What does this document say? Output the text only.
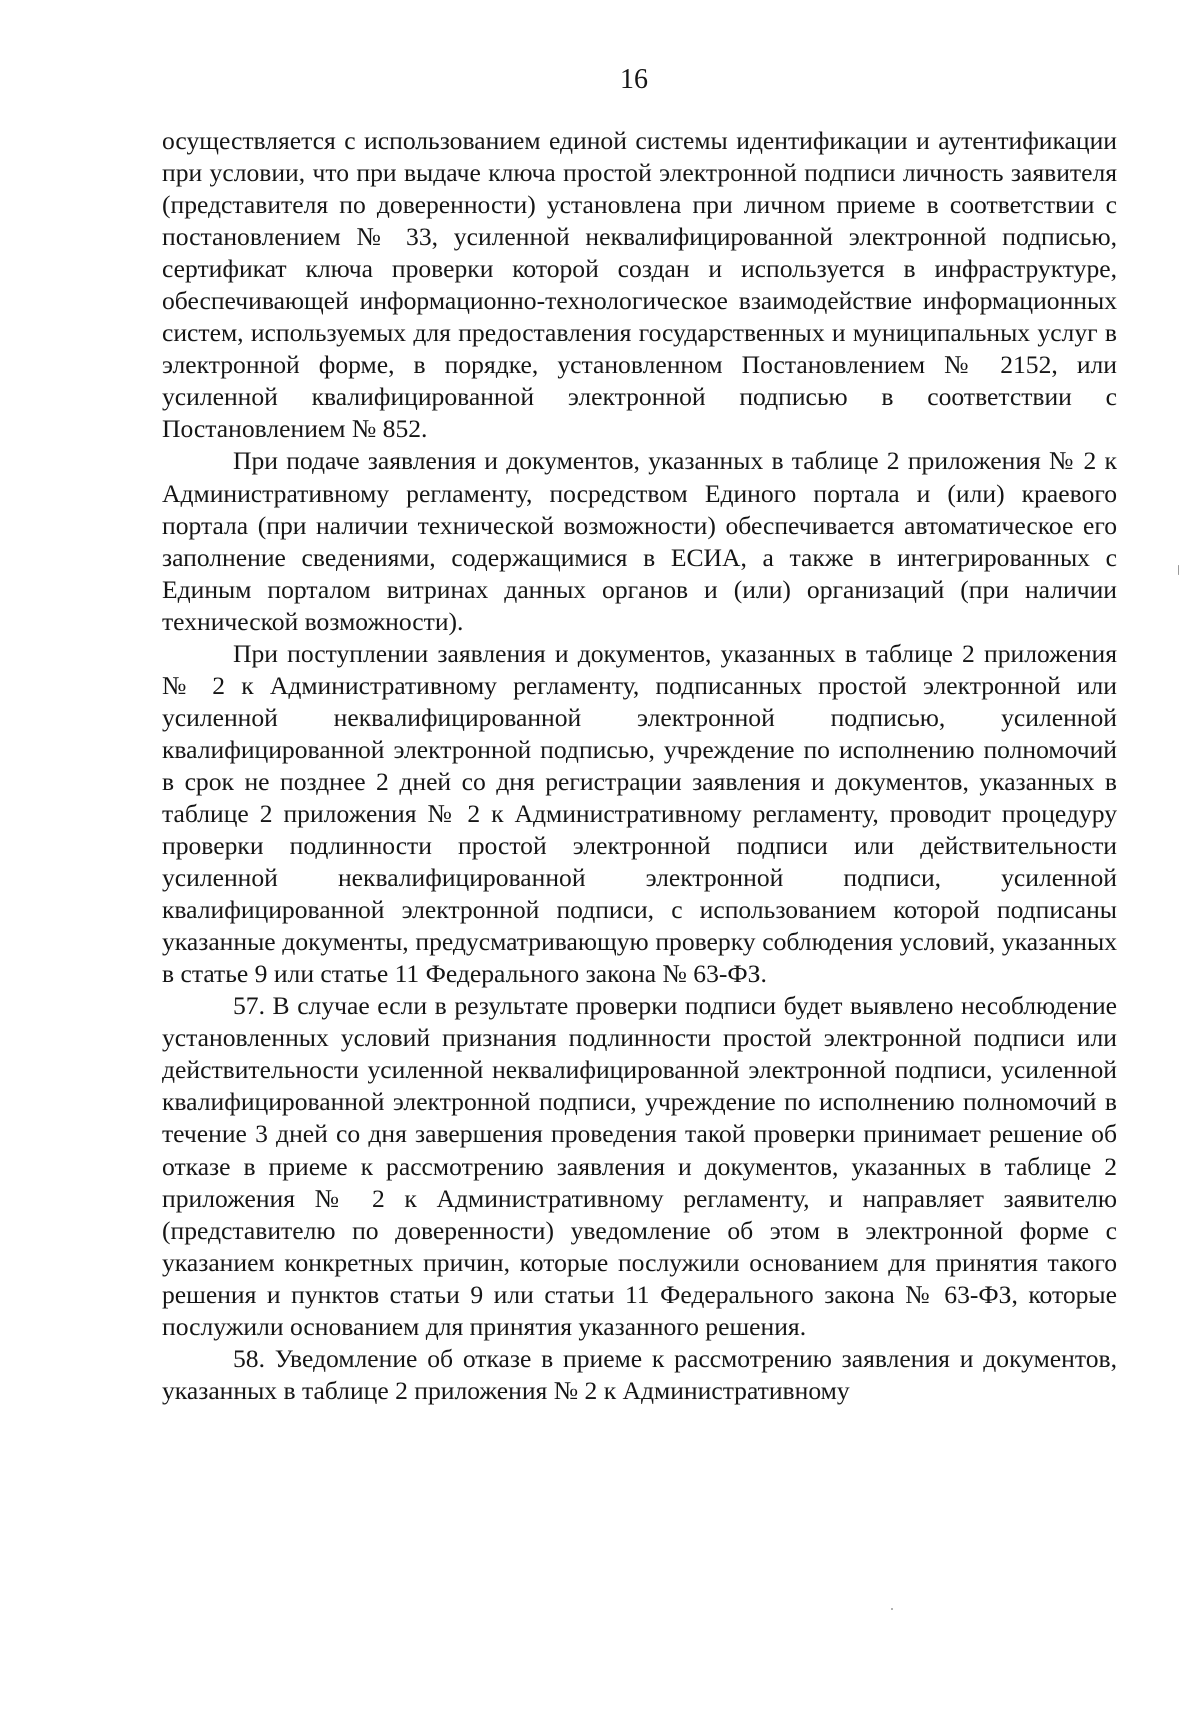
16

осуществляется с использованием единой системы идентификации и аутентификации при условии, что при выдаче ключа простой электронной подписи личность заявителя (представителя по доверенности) установлена при личном приеме в соответствии с постановлением № 33, усиленной неквалифицированной электронной подписью, сертификат ключа проверки которой создан и используется в инфраструктуре, обеспечивающей информационно-технологическое взаимодействие информационных систем, используемых для предоставления государственных и муниципальных услуг в электронной форме, в порядке, установленном Постановлением № 2152, или усиленной квалифицированной электронной подписью в соответствии с Постановлением № 852.

При подаче заявления и документов, указанных в таблице 2 приложения № 2 к Административному регламенту, посредством Единого портала и (или) краевого портала (при наличии технической возможности) обеспечивается автоматическое его заполнение сведениями, содержащимися в ЕСИА, а также в интегрированных с Единым порталом витринах данных органов и (или) организаций (при наличии технической возможности).

При поступлении заявления и документов, указанных в таблице 2 приложения № 2 к Административному регламенту, подписанных простой электронной или усиленной неквалифицированной электронной подписью, усиленной квалифицированной электронной подписью, учреждение по исполнению полномочий в срок не позднее 2 дней со дня регистрации заявления и документов, указанных в таблице 2 приложения № 2 к Административному регламенту, проводит процедуру проверки подлинности простой электронной подписи или действительности усиленной неквалифицированной электронной подписи, усиленной квалифицированной электронной подписи, с использованием которой подписаны указанные документы, предусматривающую проверку соблюдения условий, указанных в статье 9 или статье 11 Федерального закона № 63-ФЗ.

57. В случае если в результате проверки подписи будет выявлено несоблюдение установленных условий признания подлинности простой электронной подписи или действительности усиленной неквалифицированной электронной подписи, усиленной квалифицированной электронной подписи, учреждение по исполнению полномочий в течение 3 дней со дня завершения проведения такой проверки принимает решение об отказе в приеме к рассмотрению заявления и документов, указанных в таблице 2 приложения № 2 к Административному регламенту, и направляет заявителю (представителю по доверенности) уведомление об этом в электронной форме с указанием конкретных причин, которые послужили основанием для принятия такого решения и пунктов статьи 9 или статьи 11 Федерального закона № 63-ФЗ, которые послужили основанием для принятия указанного решения.

58. Уведомление об отказе в приеме к рассмотрению заявления и документов, указанных в таблице 2 приложения № 2 к Административному
